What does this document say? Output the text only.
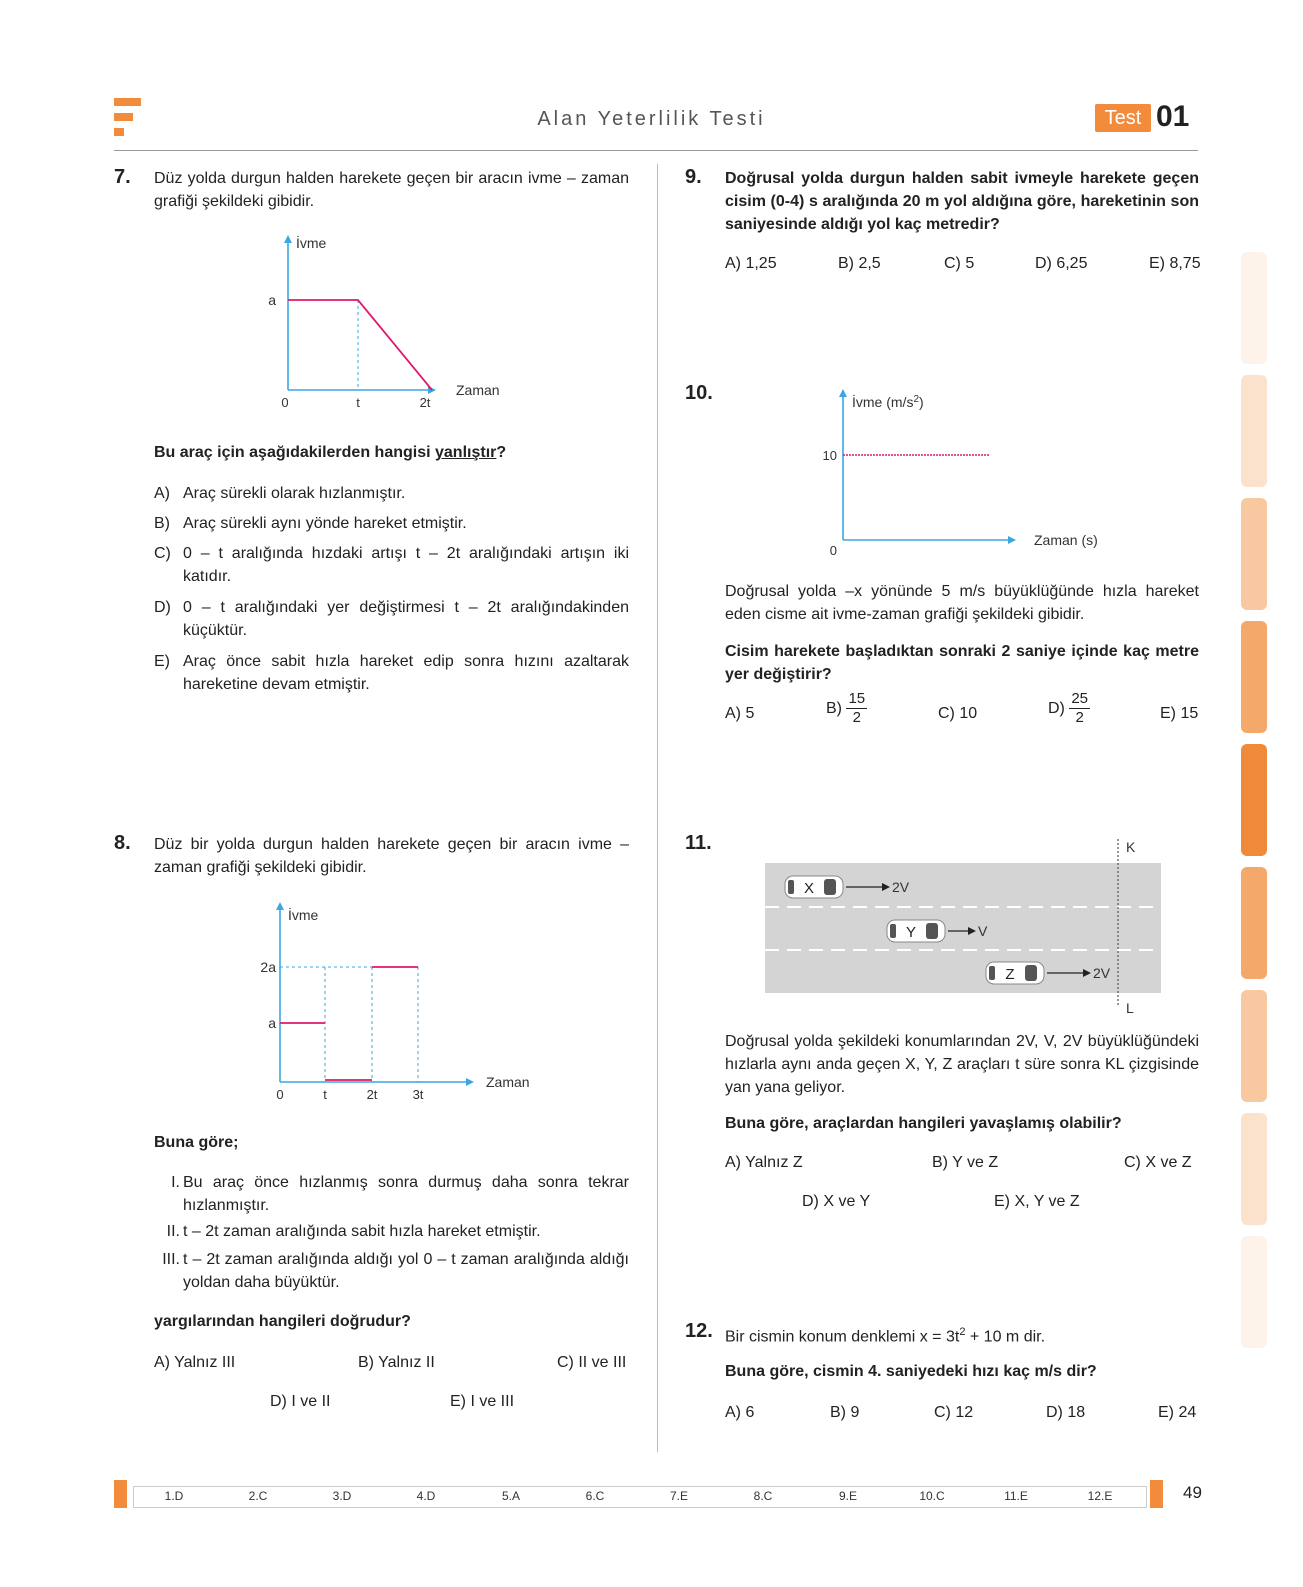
Alan Yeterlilik Testi	Test 01
7. Düz yolda durgun halden harekete geçen bir aracın ivme – zaman grafiği şekildeki gibidir.
İvme
a
Zaman
0	t	2t
Bu araç için aşağıdakilerden hangisi yanlıştır?
A) Araç sürekli olarak hızlanmıştır.
B) Araç sürekli aynı yönde hareket etmiştir.
C) 0 – t aralığında hızdaki artışı t – 2t aralığındaki artışın iki katıdır.
D) 0 – t aralığındaki yer değiştirmesi t – 2t aralığındakinden küçüktür.
E) Araç önce sabit hızla hareket edip sonra hızını azaltarak hareketine devam etmiştir.
8. Düz bir yolda durgun halden harekete geçen bir aracın ivme – zaman grafiği şekildeki gibidir.
İvme
2a
a
Zaman
0	t	2t	3t
Buna göre;
I. Bu araç önce hızlanmış sonra durmuş daha sonra tekrar hızlanmıştır.
II. t – 2t zaman aralığında sabit hızla hareket etmiştir.
III. t – 2t zaman aralığında aldığı yol 0 – t zaman aralığında aldığı yoldan daha büyüktür.
yargılarından hangileri doğrudur?
A) Yalnız III	B) Yalnız II	C) II ve III
D) I ve II	E) I ve III
9. Doğrusal yolda durgun halden sabit ivmeyle harekete geçen cisim (0-4) s aralığında 20 m yol aldığına göre, hareketinin son saniyesinde aldığı yol kaç metredir?
A) 1,25	B) 2,5	C) 5	D) 6,25	E) 8,75
10.	İvme $(m/s^2)$
10
0
Zaman (s)
Doğrusal yolda –x yönünde 5 m/s büyüklüğünde hızla hareket eden cisme ait ivme-zaman grafiği şekildeki gibidir.
Cisim harekete başladıktan sonraki 2 saniye içinde kaç metre yer değiştirir?
A) 5	$B) \frac{15}{2}$	C) 10	$D) \frac{25}{2}$	E) 15
11.	K
L
X	2V
Y	V
Z	2V
Doğrusal yolda şekildeki konumlarından 2V, V, 2V büyüklüğündeki hızlarla aynı anda geçen X, Y, Z araçları t süre sonra KL çizgisinde yan yana geliyor.
Buna göre, araçlardan hangileri yavaşlamış olabilir?
A) Yalnız Z	B) Y ve Z	C) X ve Z
D) X ve Y	E) X, Y ve Z
12. Bir cismin konum denklemi $x = 3t^2 + 10$ m dir.
Buna göre, cismin 4. saniyedeki hızı kaç m/s dir?
A) 6	B) 9	C) 12	D) 18	E) 24
1.D	2.C	3.D	4.D	5.A	6.C	7.E	8.C	9.E	10.C	11.E	12.E	49
